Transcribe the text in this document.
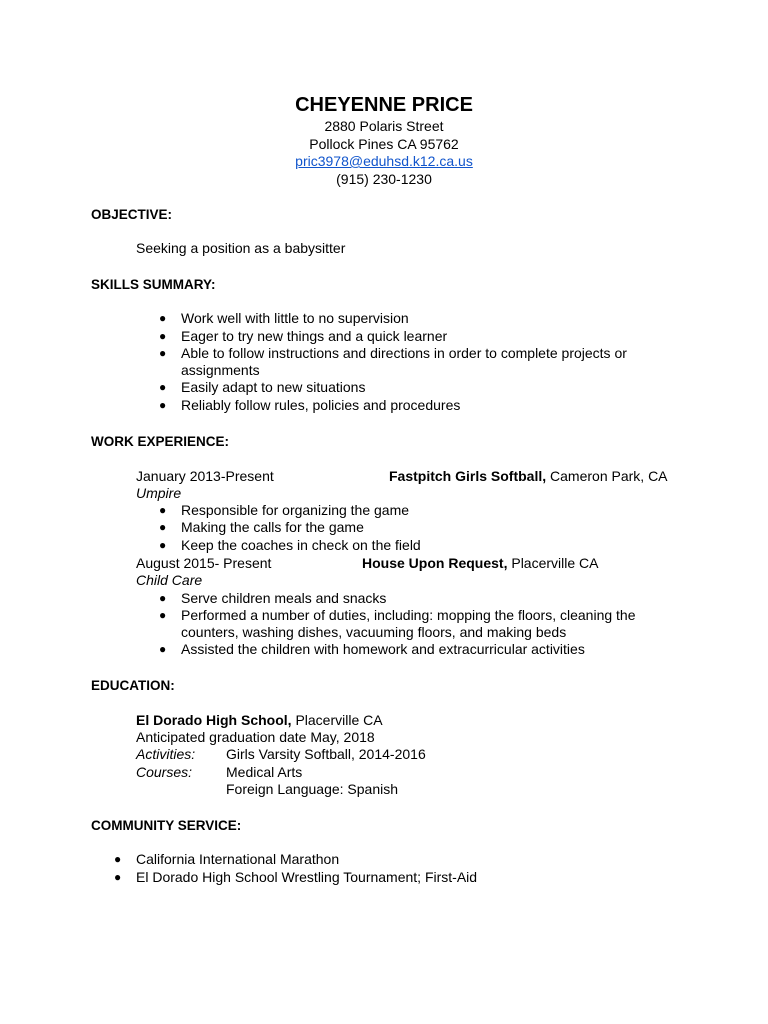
CHEYENNE PRICE
2880 Polaris Street
Pollock Pines CA 95762
pric3978@eduhsd.k12.ca.us
(915) 230-1230
OBJECTIVE:
Seeking a position as a babysitter
SKILLS SUMMARY:
● Work well with little to no supervision
● Eager to try new things and a quick learner
● Able to follow instructions and directions in order to complete projects or
assignments
● Easily adapt to new situations
● Reliably follow rules, policies and procedures
WORK EXPERIENCE:
January 2013-Present	Fastpitch Girls Softball, Cameron Park, CA
Umpire
● Responsible for organizing the game
● Making the calls for the game
● Keep the coaches in check on the field
August 2015- Present	House Upon Request, Placerville CA
Child Care
● Serve children meals and snacks
● Performed a number of duties, including: mopping the floors, cleaning the
counters, washing dishes, vacuuming floors, and making beds
● Assisted the children with homework and extracurricular activities
EDUCATION:
El Dorado High School, Placerville CA
Anticipated graduation date May, 2018
Activities: Girls Varsity Softball, 2014-2016
Courses: Medical Arts
Foreign Language: Spanish
COMMUNITY SERVICE:
● California International Marathon
● El Dorado High School Wrestling Tournament; First-Aid
